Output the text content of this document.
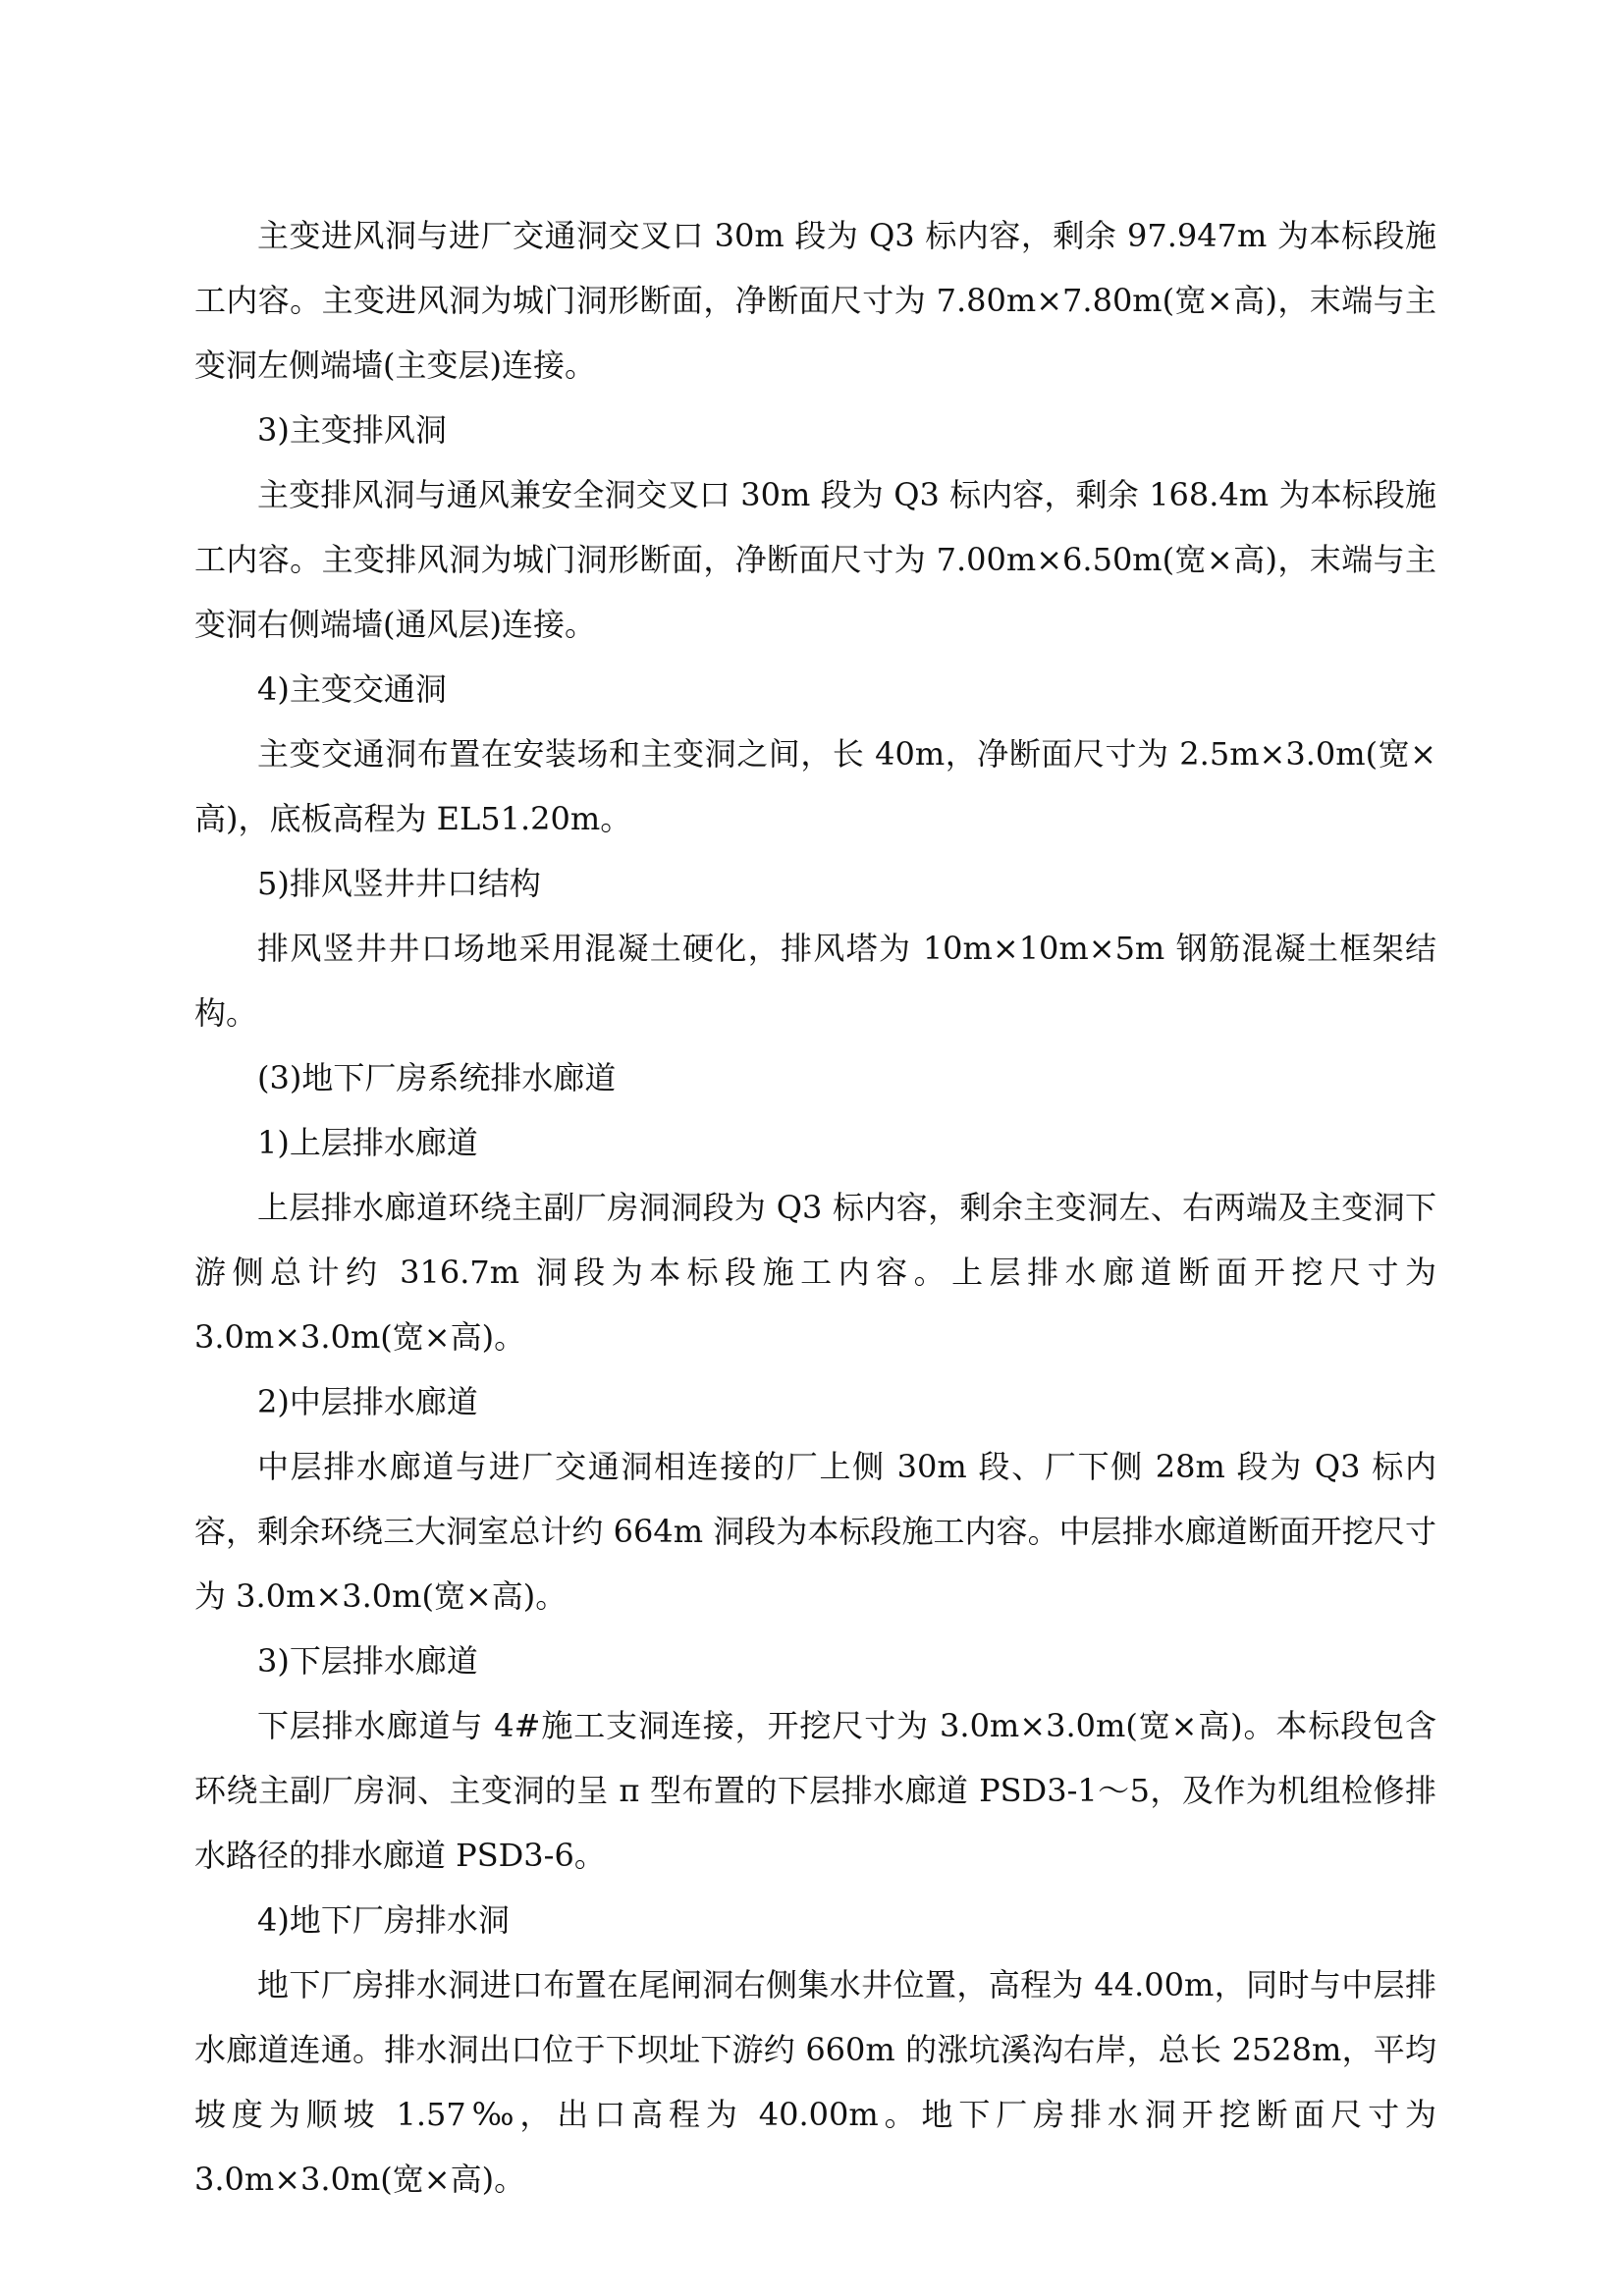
主变进风洞与进厂交通洞交叉口 30m 段为 Q3 标内容，剩余 97.947m 为本标段施工内容。主变进风洞为城门洞形断面，净断面尺寸为 7.80m×7.80m(宽×高)，末端与主变洞左侧端墙(主变层)连接。

3)主变排风洞

主变排风洞与通风兼安全洞交叉口 30m 段为 Q3 标内容，剩余 168.4m 为本标段施工内容。主变排风洞为城门洞形断面，净断面尺寸为 7.00m×6.50m(宽×高)，末端与主变洞右侧端墙(通风层)连接。

4)主变交通洞

主变交通洞布置在安装场和主变洞之间，长 40m，净断面尺寸为 2.5m×3.0m(宽×高)，底板高程为 EL51.20m。

5)排风竖井井口结构

排风竖井井口场地采用混凝土硬化，排风塔为 10m×10m×5m 钢筋混凝土框架结构。

(3)地下厂房系统排水廊道

1)上层排水廊道

上层排水廊道环绕主副厂房洞洞段为 Q3 标内容，剩余主变洞左、右两端及主变洞下游侧总计约 316.7m 洞段为本标段施工内容。上层排水廊道断面开挖尺寸为 3.0m×3.0m(宽×高)。

2)中层排水廊道

中层排水廊道与进厂交通洞相连接的厂上侧 30m 段、厂下侧 28m 段为 Q3 标内容，剩余环绕三大洞室总计约 664m 洞段为本标段施工内容。中层排水廊道断面开挖尺寸为 3.0m×3.0m(宽×高)。

3)下层排水廊道

下层排水廊道与 4#施工支洞连接，开挖尺寸为 3.0m×3.0m(宽×高)。本标段包含环绕主副厂房洞、主变洞的呈 π 型布置的下层排水廊道 PSD3-1～5，及作为机组检修排水路径的排水廊道 PSD3-6。

4)地下厂房排水洞

地下厂房排水洞进口布置在尾闸洞右侧集水井位置，高程为 44.00m，同时与中层排水廊道连通。排水洞出口位于下坝址下游约 660m 的涨坑溪沟右岸，总长 2528m，平均坡度为顺坡 1.57‰，出口高程为 40.00m。地下厂房排水洞开挖断面尺寸为 3.0m×3.0m(宽×高)。
